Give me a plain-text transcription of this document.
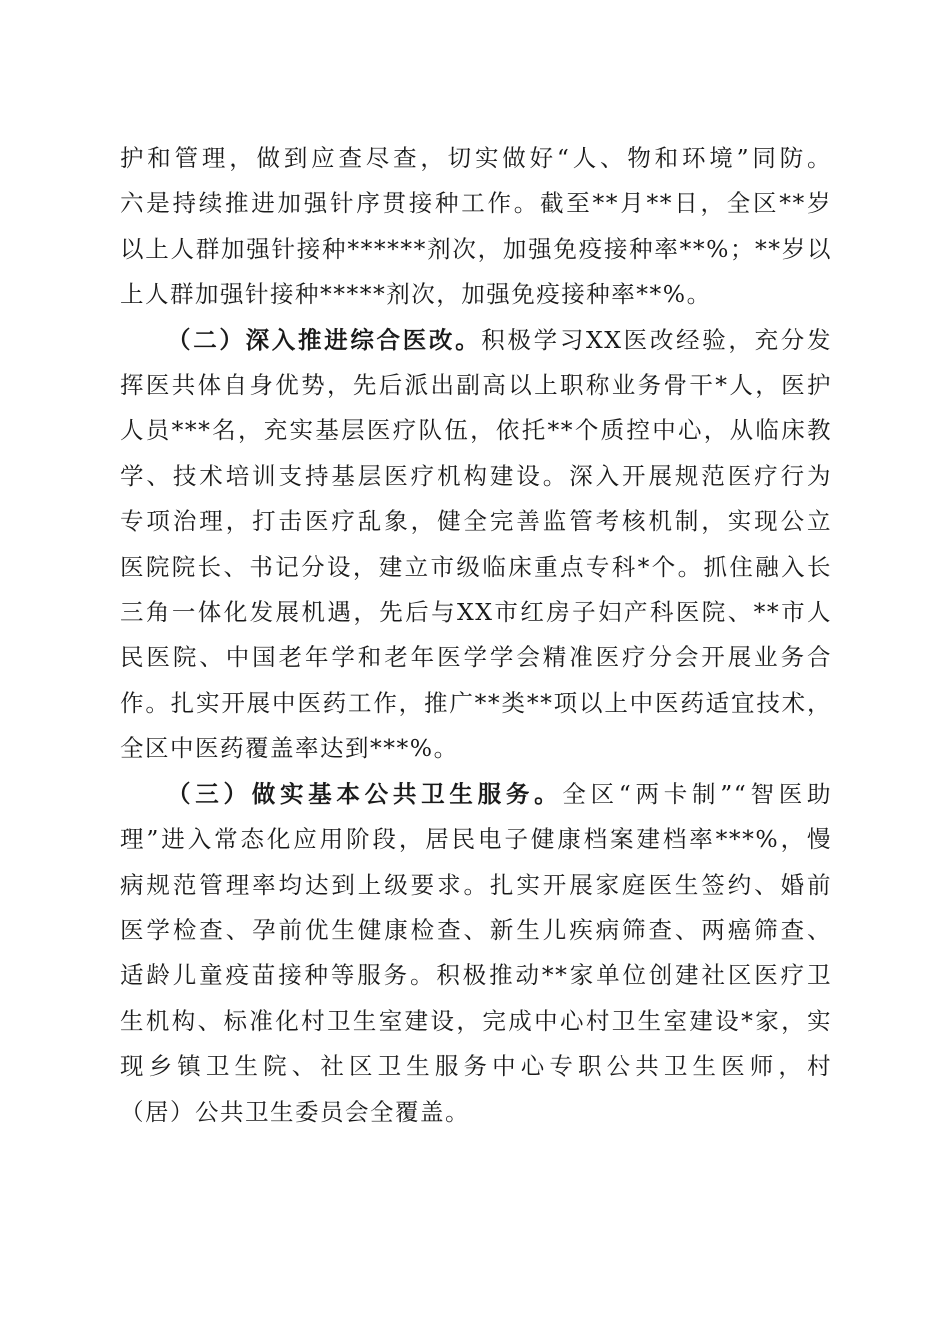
护和管理，做到应查尽查，切实做好“人、物和环境”同防。
六是持续推进加强针序贯接种工作。截至**月**日，全区**岁
以上人群加强针接种******剂次，加强免疫接种率**%；**岁以
上人群加强针接种*****剂次，加强免疫接种率**%。
（二）深入推进综合医改。积极学习XX医改经验，充分发
挥医共体自身优势，先后派出副高以上职称业务骨干*人，医护
人员***名，充实基层医疗队伍，依托**个质控中心，从临床教
学、技术培训支持基层医疗机构建设。深入开展规范医疗行为
专项治理，打击医疗乱象，健全完善监管考核机制，实现公立
医院院长、书记分设，建立市级临床重点专科*个。抓住融入长
三角一体化发展机遇，先后与XX市红房子妇产科医院、**市人
民医院、中国老年学和老年医学学会精准医疗分会开展业务合
作。扎实开展中医药工作，推广**类**项以上中医药适宜技术，
全区中医药覆盖率达到***%。
（三）做实基本公共卫生服务。全区“两卡制”“智医助
理”进入常态化应用阶段，居民电子健康档案建档率***%，慢
病规范管理率均达到上级要求。扎实开展家庭医生签约、婚前
医学检查、孕前优生健康检查、新生儿疾病筛查、两癌筛查、
适龄儿童疫苗接种等服务。积极推动**家单位创建社区医疗卫
生机构、标准化村卫生室建设，完成中心村卫生室建设*家，实
现乡镇卫生院、社区卫生服务中心专职公共卫生医师，村
（居）公共卫生委员会全覆盖。
